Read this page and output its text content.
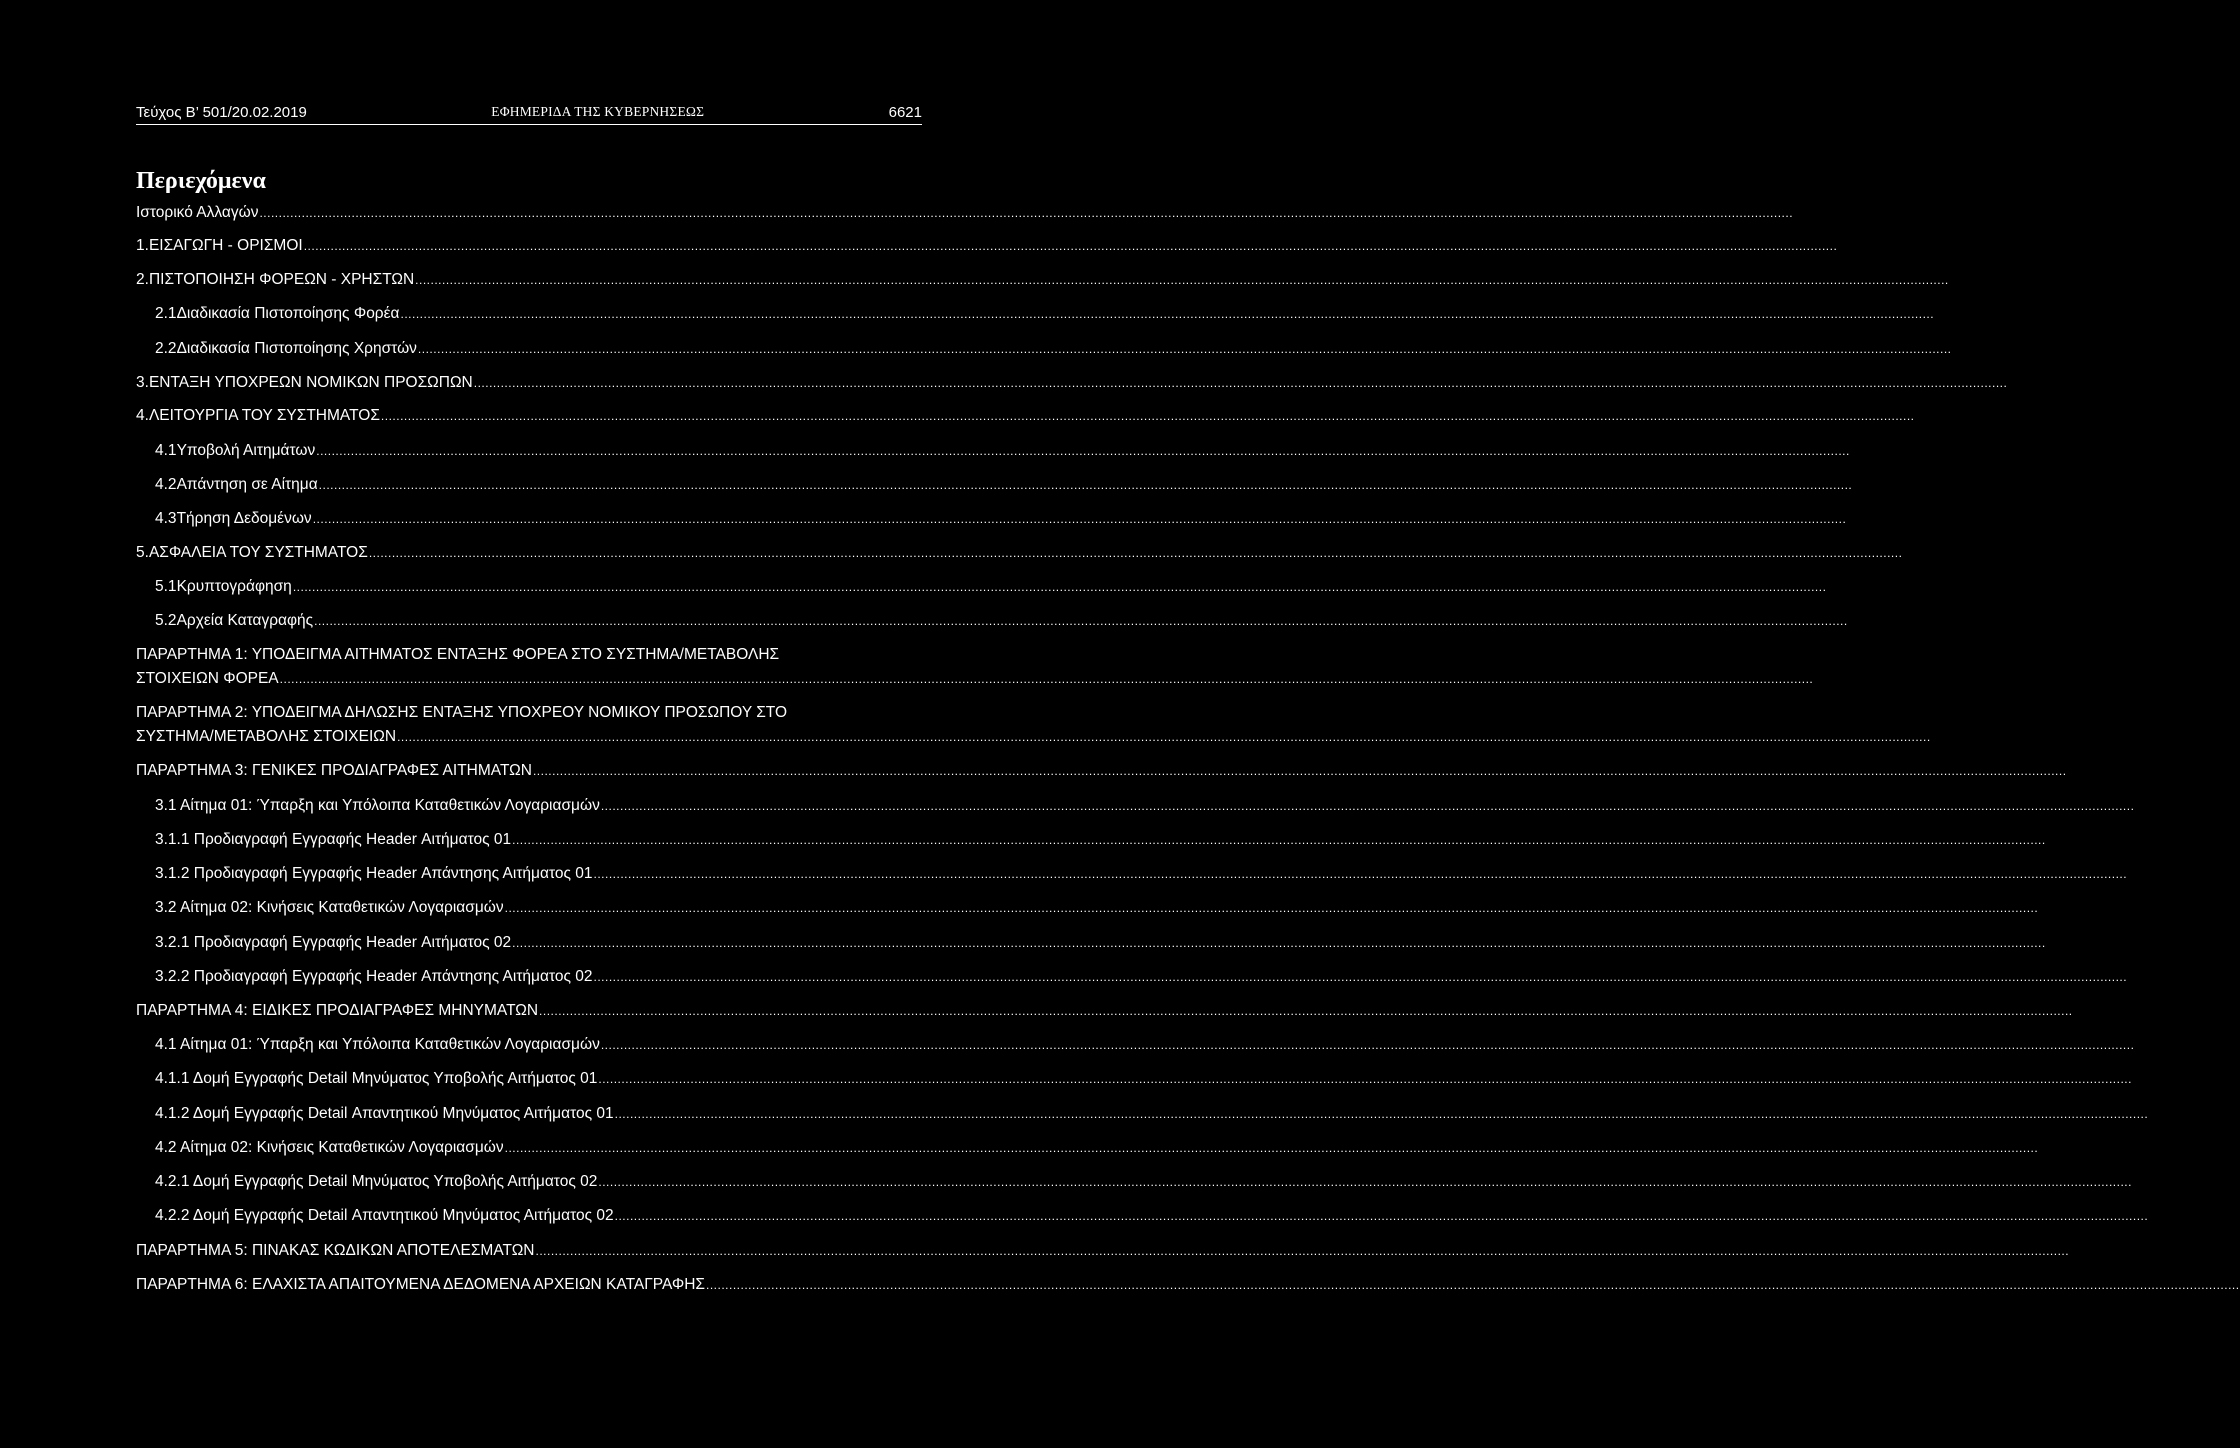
Τεύχος Β’ 501/20.02.2019	ΕΦΗΜΕΡΙΔΑ ΤΗΣ ΚΥΒΕΡΝΗΣΕΩΣ	6621
Περιεχόμενα
Ιστορικό Αλλαγών ................................................................................................................................................................................................................................................................................................................................................................................................................
1. ΕΙΣΑΓΩΓΗ - ΟΡΙΣΜΟΙ ................................................................................................................................................................................................................................................................................................................................................................................................................
2. ΠΙΣΤΟΠΟΙΗΣΗ ΦΟΡΕΩΝ - ΧΡΗΣΤΩΝ ................................................................................................................................................................................................................................................................................................................................................................................................................
2.1 Διαδικασία Πιστοποίησης Φορέα ................................................................................................................................................................................................................................................................................................................................................................................................................
2.2 Διαδικασία Πιστοποίησης Χρηστών ................................................................................................................................................................................................................................................................................................................................................................................................................
3. ΕΝΤΑΞΗ ΥΠΟΧΡΕΩΝ ΝΟΜΙΚΩΝ ΠΡΟΣΩΠΩΝ ................................................................................................................................................................................................................................................................................................................................................................................................................
4. ΛΕΙΤΟΥΡΓΙΑ ΤΟΥ ΣΥΣΤΗΜΑΤΟΣ ................................................................................................................................................................................................................................................................................................................................................................................................................
4.1 Υποβολή Αιτημάτων ................................................................................................................................................................................................................................................................................................................................................................................................................
4.2 Απάντηση σε Αίτημα ................................................................................................................................................................................................................................................................................................................................................................................................................
4.3 Τήρηση Δεδομένων ................................................................................................................................................................................................................................................................................................................................................................................................................
5. ΑΣΦΑΛΕΙΑ ΤΟΥ ΣΥΣΤΗΜΑΤΟΣ ................................................................................................................................................................................................................................................................................................................................................................................................................
5.1 Κρυπτογράφηση ................................................................................................................................................................................................................................................................................................................................................................................................................
5.2 Αρχεία Καταγραφής ................................................................................................................................................................................................................................................................................................................................................................................................................
ΠΑΡΑΡΤΗΜΑ 1: ΥΠΟΔΕΙΓΜΑ ΑΙΤΗΜΑΤΟΣ ΕΝΤΑΞΗΣ ΦΟΡΕΑ ΣΤΟ ΣΥΣΤΗΜΑ/ΜΕΤΑΒΟΛΗΣ
ΣΤΟΙΧΕΙΩΝ ΦΟΡΕΑ ................................................................................................................................................................................................................................................................................................................................................................................................................
ΠΑΡΑΡΤΗΜΑ 2: ΥΠΟΔΕΙΓΜΑ ΔΗΛΩΣΗΣ ΕΝΤΑΞΗΣ ΥΠΟΧΡΕΟΥ ΝΟΜΙΚΟΥ ΠΡΟΣΩΠΟΥ ΣΤΟ
ΣΥΣΤΗΜΑ/ΜΕΤΑΒΟΛΗΣ ΣΤΟΙΧΕΙΩΝ ................................................................................................................................................................................................................................................................................................................................................................................................................
ΠΑΡΑΡΤΗΜΑ 3: ΓΕΝΙΚΕΣ ΠΡΟΔΙΑΓΡΑΦΕΣ ΑΙΤΗΜΑΤΩΝ ................................................................................................................................................................................................................................................................................................................................................................................................................
3.1 Αίτημα 01: Ύπαρξη και Υπόλοιπα Καταθετικών Λογαριασμών ................................................................................................................................................................................................................................................................................................................................................................................................................
3.1.1 Προδιαγραφή Εγγραφής Header Αιτήματος 01 ................................................................................................................................................................................................................................................................................................................................................................................................................
3.1.2 Προδιαγραφή Εγγραφής Header Απάντησης Αιτήματος 01 ................................................................................................................................................................................................................................................................................................................................................................................................................
3.2 Αίτημα 02: Κινήσεις Καταθετικών Λογαριασμών ................................................................................................................................................................................................................................................................................................................................................................................................................
3.2.1 Προδιαγραφή Εγγραφής Header Αιτήματος 02 ................................................................................................................................................................................................................................................................................................................................................................................................................
3.2.2 Προδιαγραφή Εγγραφής Header Απάντησης Αιτήματος 02 ................................................................................................................................................................................................................................................................................................................................................................................................................
ΠΑΡΑΡΤΗΜΑ 4: ΕΙΔΙΚΕΣ ΠΡΟΔΙΑΓΡΑΦΕΣ ΜΗΝΥΜΑΤΩΝ ................................................................................................................................................................................................................................................................................................................................................................................................................
4.1 Αίτημα 01: Ύπαρξη και Υπόλοιπα Καταθετικών Λογαριασμών ................................................................................................................................................................................................................................................................................................................................................................................................................
4.1.1 Δομή Εγγραφής Detail Μηνύματος Υποβολής Αιτήματος 01 ................................................................................................................................................................................................................................................................................................................................................................................................................
4.1.2 Δομή Εγγραφής Detail Απαντητικού Μηνύματος Αιτήματος 01 ................................................................................................................................................................................................................................................................................................................................................................................................................
4.2 Αίτημα 02: Κινήσεις Καταθετικών Λογαριασμών ................................................................................................................................................................................................................................................................................................................................................................................................................
4.2.1 Δομή Εγγραφής Detail Μηνύματος Υποβολής Αιτήματος 02 ................................................................................................................................................................................................................................................................................................................................................................................................................
4.2.2 Δομή Εγγραφής Detail Απαντητικού Μηνύματος Αιτήματος 02 ................................................................................................................................................................................................................................................................................................................................................................................................................
ΠΑΡΑΡΤΗΜΑ 5: ΠΙΝΑΚΑΣ ΚΩΔΙΚΩΝ ΑΠΟΤΕΛΕΣΜΑΤΩΝ ................................................................................................................................................................................................................................................................................................................................................................................................................
ΠΑΡΑΡΤΗΜΑ 6: ΕΛΑΧΙΣΤΑ ΑΠΑΙΤΟΥΜΕΝΑ ΔΕΔΟΜΕΝΑ ΑΡΧΕΙΩΝ ΚΑΤΑΓΡΑΦΗΣ ................................................................................................................................................................................................................................................................................................................................................................................................................
